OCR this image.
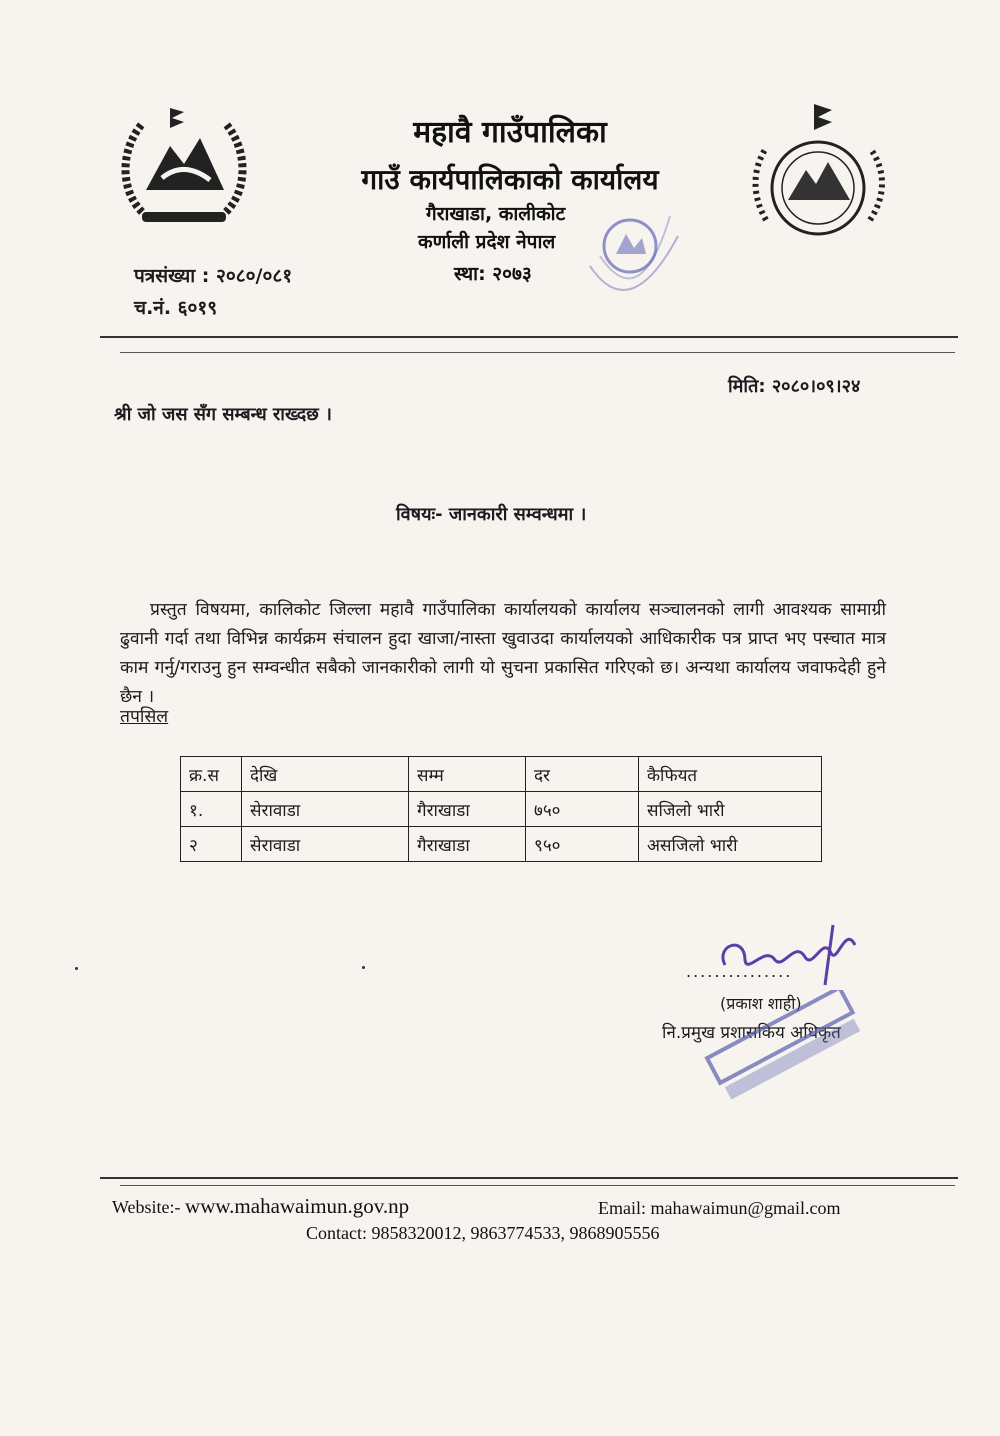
महावै गाउँपालिका
गाउँ कार्यपालिकाको कार्यालय
गैराखाडा, कालीकोट
कर्णाली प्रदेश नेपाल
स्था: २०७३
पत्रसंख्या : २०८०/०८१
च.नं. ६०१९
मिति: २०८०।०९।२४
श्री जो जस सँग सम्बन्ध राख्दछ ।
विषयः- जानकारी सम्वन्धमा ।
प्रस्तुत विषयमा, कालिकोट जिल्ला महावै गाउँपालिका कार्यालयको कार्यालय सञ्चालनको लागी आवश्यक सामाग्री ढुवानी गर्दा तथा विभिन्न कार्यक्रम संचालन हुदा खाजा/नास्ता खुवाउदा कार्यालयको आधिकारीक पत्र प्राप्त भए पस्चात मात्र काम गर्नु/गराउनु हुन सम्वन्धीत सबैको जानकारीको लागी यो सुचना प्रकासित गरिएको छ। अन्यथा कार्यालय जवाफदेही हुने छैन ।
तपसिल
क्र.स	देखि	सम्म	दर	कैफियत
१.	सेरावाडा	गैराखाडा	७५०	सजिलो भारी
२	सेरावाडा	गैराखाडा	९५०	असजिलो भारी
...............
(प्रकाश शाही)
नि.प्रमुख प्रशासकिय अधिकृत
Website:- www.mahawaimun.gov.np	Email: mahawaimun@gmail.com
Contact: 9858320012, 9863774533, 9868905556
